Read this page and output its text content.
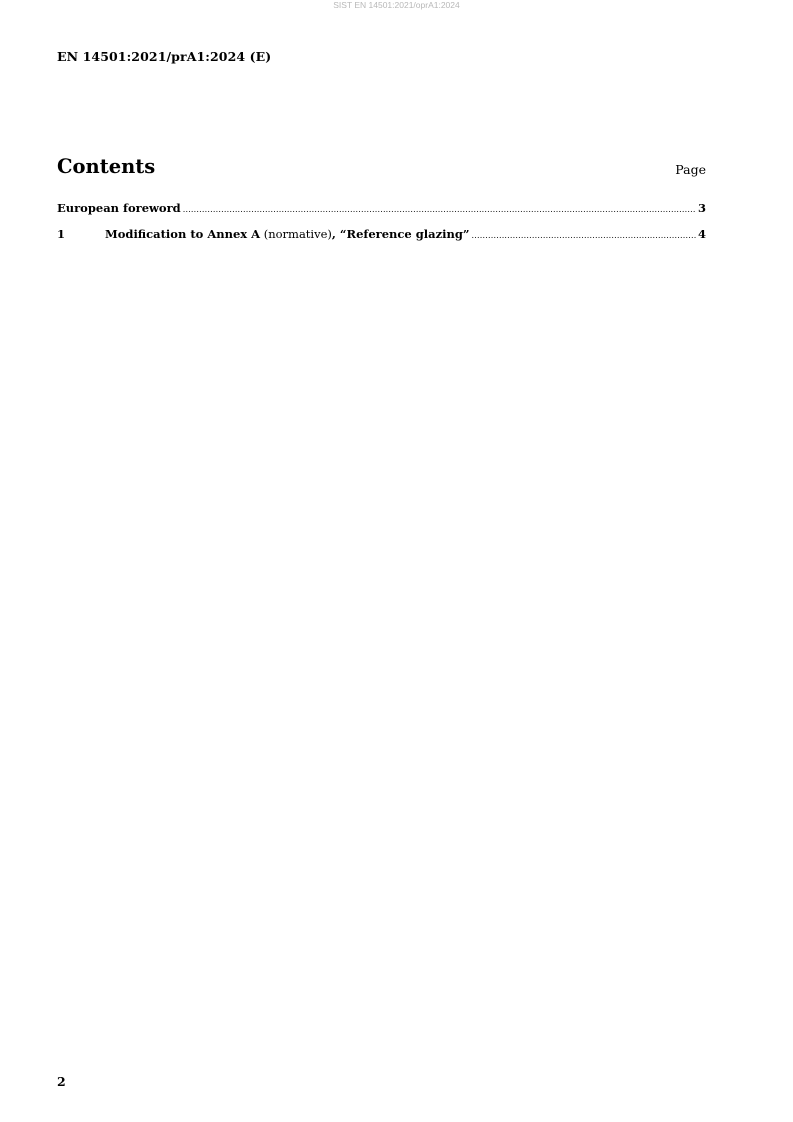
SIST EN 14501:2021/oprA1:2024
EN 14501:2021/prA1:2024 (E)
Contents	Page
European foreword .....	3
1	Modification to Annex A (normative), “Reference glazing” .....	4
2
